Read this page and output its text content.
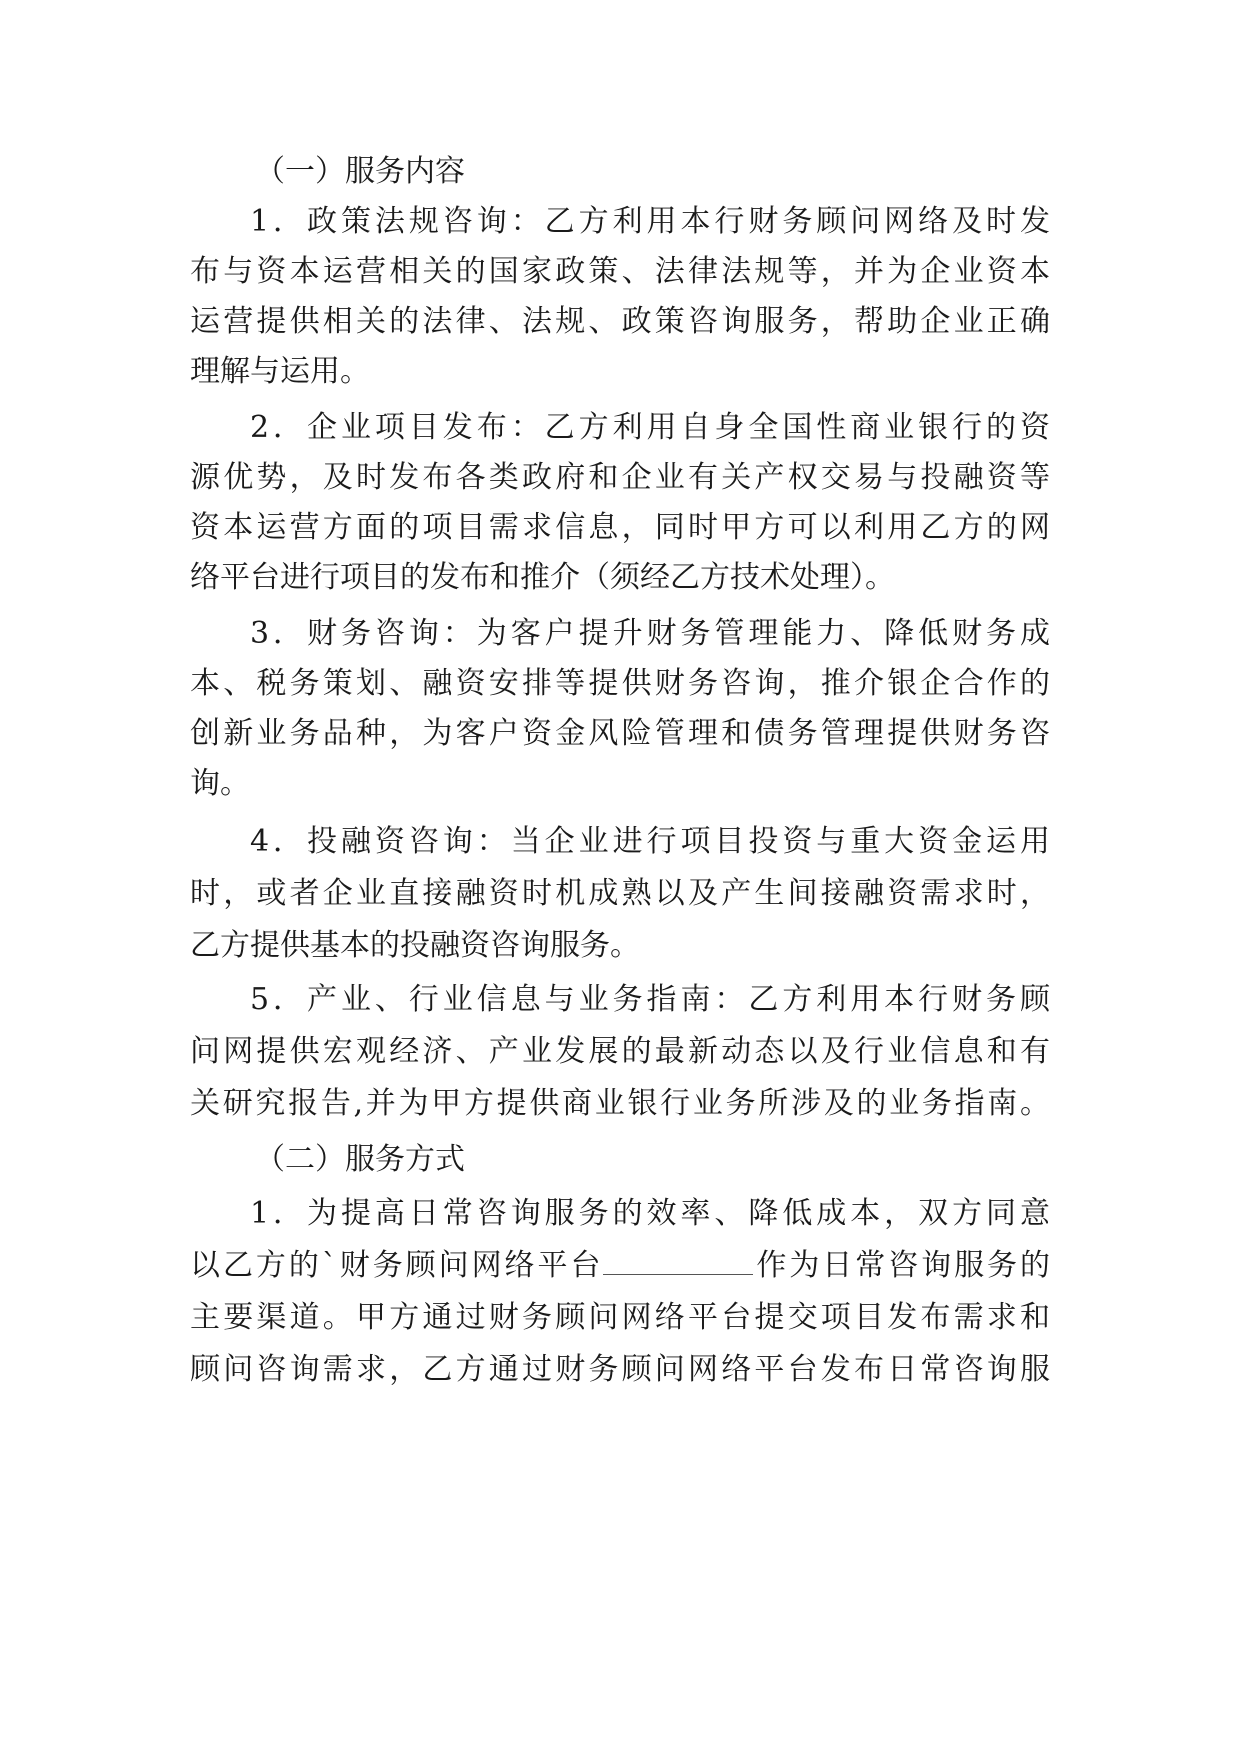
（一）服务内容
1．政策法规咨询：乙方利用本行财务顾问网络及时发
布与资本运营相关的国家政策、法律法规等，并为企业资本
运营提供相关的法律、法规、政策咨询服务，帮助企业正确
理解与运用。
2．企业项目发布：乙方利用自身全国性商业银行的资
源优势，及时发布各类政府和企业有关产权交易与投融资等
资本运营方面的项目需求信息，同时甲方可以利用乙方的网
络平台进行项目的发布和推介（须经乙方技术处理）。
3．财务咨询：为客户提升财务管理能力、降低财务成
本、税务策划、融资安排等提供财务咨询，推介银企合作的
创新业务品种，为客户资金风险管理和债务管理提供财务咨
询。
4．投融资咨询：当企业进行项目投资与重大资金运用
时，或者企业直接融资时机成熟以及产生间接融资需求时，
乙方提供基本的投融资咨询服务。
5．产业、行业信息与业务指南：乙方利用本行财务顾
问网提供宏观经济、产业发展的最新动态以及行业信息和有
关研究报告,并为甲方提供商业银行业务所涉及的业务指南。
（二）服务方式
1．为提高日常咨询服务的效率、降低成本，双方同意
以乙方的`财务顾问网络平台	作为日常咨询服务的
主要渠道。甲方通过财务顾问网络平台提交项目发布需求和
顾问咨询需求，乙方通过财务顾问网络平台发布日常咨询服
